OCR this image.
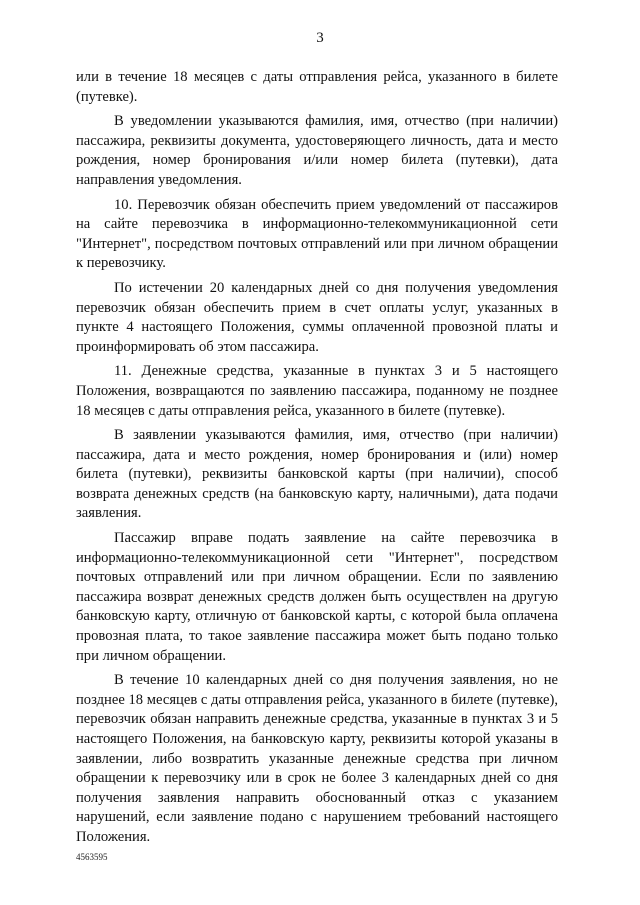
3

или в течение 18 месяцев с даты отправления рейса, указанного в билете (путевке).

В уведомлении указываются фамилия, имя, отчество (при наличии) пассажира, реквизиты документа, удостоверяющего личность, дата и место рождения, номер бронирования и/или номер билета (путевки), дата направления уведомления.

10. Перевозчик обязан обеспечить прием уведомлений от пассажиров на сайте перевозчика в информационно-телекоммуникационной сети "Интернет", посредством почтовых отправлений или при личном обращении к перевозчику.

По истечении 20 календарных дней со дня получения уведомления перевозчик обязан обеспечить прием в счет оплаты услуг, указанных в пункте 4 настоящего Положения, суммы оплаченной провозной платы и проинформировать об этом пассажира.

11. Денежные средства, указанные в пунктах 3 и 5 настоящего Положения, возвращаются по заявлению пассажира, поданному не позднее 18 месяцев с даты отправления рейса, указанного в билете (путевке).

В заявлении указываются фамилия, имя, отчество (при наличии) пассажира, дата и место рождения, номер бронирования и (или) номер билета (путевки), реквизиты банковской карты (при наличии), способ возврата денежных средств (на банковскую карту, наличными), дата подачи заявления.

Пассажир вправе подать заявление на сайте перевозчика в информационно-телекоммуникационной сети "Интернет", посредством почтовых отправлений или при личном обращении. Если по заявлению пассажира возврат денежных средств должен быть осуществлен на другую банковскую карту, отличную от банковской карты, с которой была оплачена провозная плата, то такое заявление пассажира может быть подано только при личном обращении.

В течение 10 календарных дней со дня получения заявления, но не позднее 18 месяцев с даты отправления рейса, указанного в билете (путевке), перевозчик обязан направить денежные средства, указанные в пунктах 3 и 5 настоящего Положения, на банковскую карту, реквизиты которой указаны в заявлении, либо возвратить указанные денежные средства при личном обращении к перевозчику или в срок не более 3 календарных дней со дня получения заявления направить обоснованный отказ с указанием нарушений, если заявление подано с нарушением требований настоящего Положения.

4563595
